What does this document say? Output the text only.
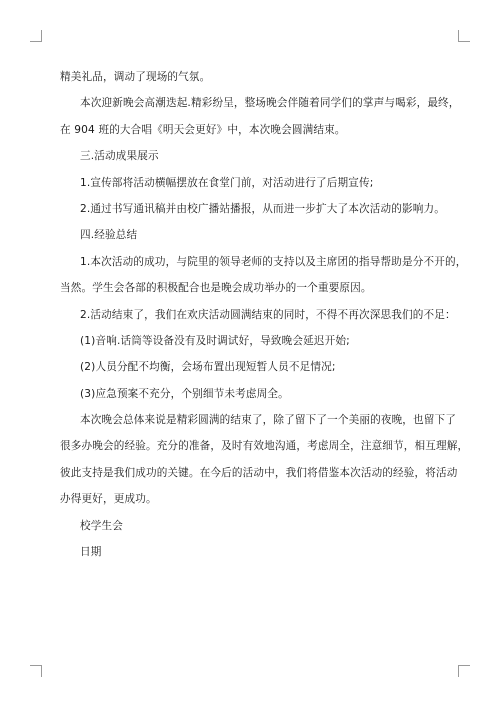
精美礼品，调动了现场的气氛。
本次迎新晚会高潮迭起.精彩纷呈，整场晚会伴随着同学们的掌声与喝彩，最终，
在 904 班的大合唱《明天会更好》中，本次晚会圆满结束。
三.活动成果展示
1.宣传部将活动横幅摆放在食堂门前，对活动进行了后期宣传;
2.通过书写通讯稿并由校广播站播报，从而进一步扩大了本次活动的影响力。
四.经验总结
1.本次活动的成功，与院里的领导老师的支持以及主席团的指导帮助是分不开的，
当然。学生会各部的积极配合也是晚会成功举办的一个重要原因。
2.活动结束了，我们在欢庆活动圆满结束的同时，不得不再次深思我们的不足：
(1)音响.话筒等设备没有及时调试好，导致晚会延迟开始;
(2)人员分配不均衡，会场布置出现短暂人员不足情况;
(3)应急预案不充分，个别细节未考虑周全。
本次晚会总体来说是精彩圆满的结束了，除了留下了一个美丽的夜晚，也留下了
很多办晚会的经验。充分的准备，及时有效地沟通，考虑周全，注意细节，相互理解，
彼此支持是我们成功的关键。在今后的活动中，我们将借鉴本次活动的经验，将活动
办得更好，更成功。
校学生会
日期
